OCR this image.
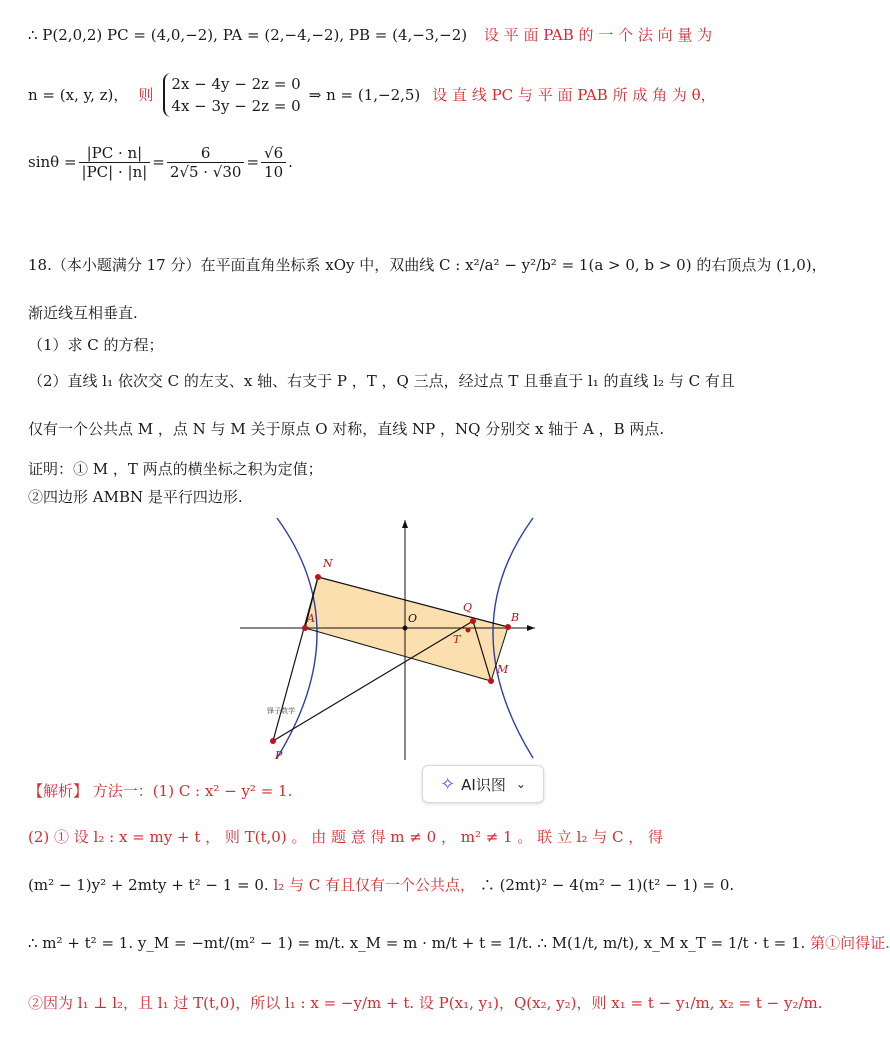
∴ P(2,0,2) PC = (4,0,−2), PA = (2,−4,−2), PB = (4,−3,−2) 设 平 面 PAB 的 一 个 法 向 量 为
n = (x, y, z)， 则
2x − 4y − 2z = 0
4x − 3y − 2z = 0
⇒ n = (1,−2,5) 设 直 线 PC 与 平 面 PAB 所 成 角 为 θ，
$\sin\theta = \frac{|PC \cdot n|}{|PC| \cdot |n|} = \frac{6}{2√5 \cdot √30} = \frac{√6}{10}$ .
18.（本小题满分 17 分）在平面直角坐标系 xOy 中，双曲线 C : x²/a² − y²/b² = 1(a > 0, b > 0) 的右顶点为 (1,0)，
渐近线互相垂直.
（1）求 C 的方程；
（2）直线 l₁ 依次交 C 的左支、x 轴、右支于 P ，T ，Q 三点，经过点 T 且垂直于 l₁ 的直线 l₂ 与 C 有且
仅有一个公共点 M ，点 N 与 M 关于原点 O 对称，直线 NP ，NQ 分别交 x 轴于 A ，B 两点.
证明：① M ，T 两点的横坐标之积为定值；
②四边形 AMBN 是平行四边形.
N
A	O
Q
B
T
M
P
锋子数学
✧ AI识图 ⌄
【解析】 方法一：(1) C : x² − y² = 1.
(2) ① 设 l₂ : x = my + t ， 则 T(t,0) 。 由 题 意 得 m ≠ 0 ， m² ≠ 1 。 联 立 l₂ 与 C ， 得
(m² − 1)y² + 2mty + t² − 1 = 0. l₂ 与 C 有且仅有一个公共点， ∴ (2mt)² − 4(m² − 1)(t² − 1) = 0.
∴ m² + t² = 1. y_M = −mt/(m² − 1) = m/t. x_M = m · m/t + t = 1/t. ∴ M(1/t, m/t), x_M x_T = 1/t · t = 1. 第①问得证.
②因为 l₁ ⊥ l₂，且 l₁ 过 T(t,0)，所以 l₁ : x = −y/m + t. 设 P(x₁, y₁)，Q(x₂, y₂)，则 x₁ = t − y₁/m, x₂ = t − y₂/m.
